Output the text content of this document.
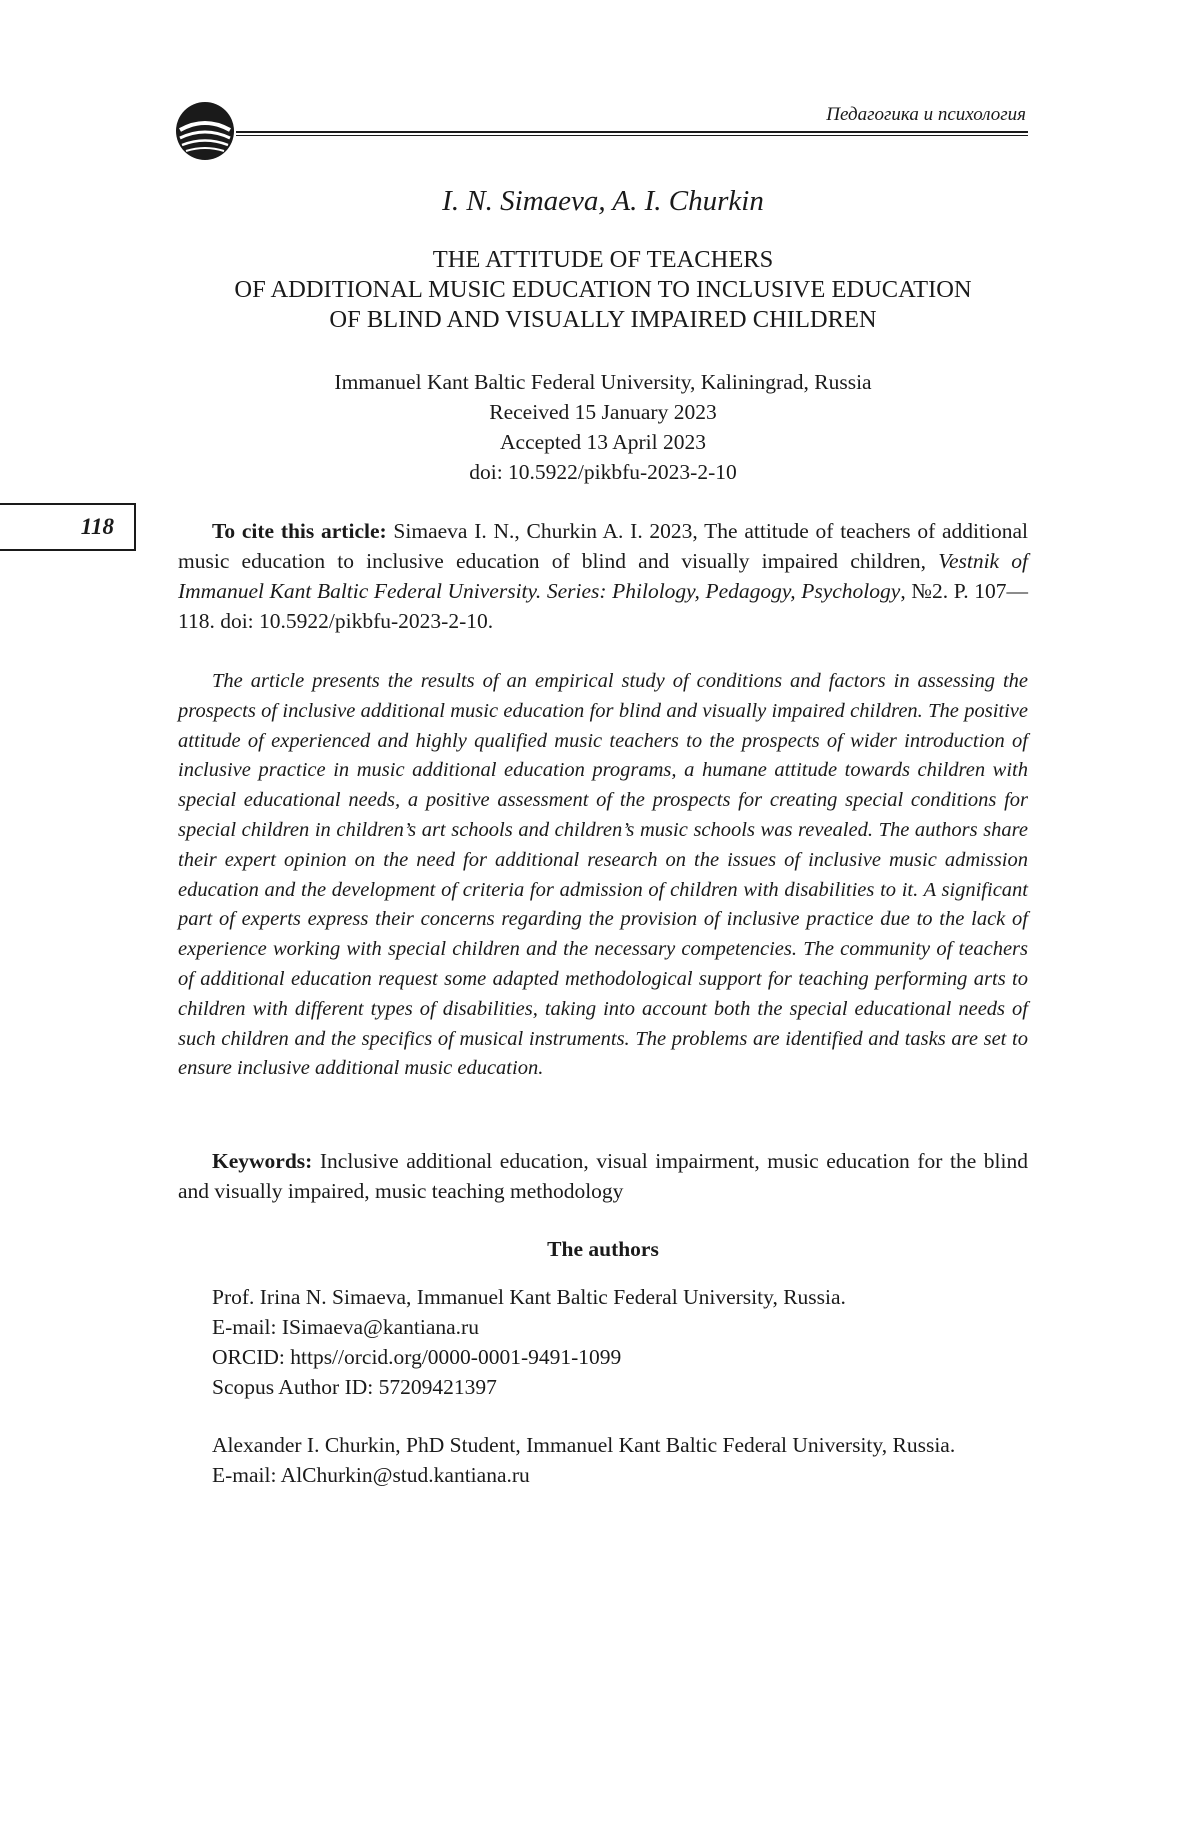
Педагогика и психология
118
I. N. Simaeva, A. I. Churkin
THE ATTITUDE OF TEACHERS
OF ADDITIONAL MUSIC EDUCATION TO INCLUSIVE EDUCATION
OF BLIND AND VISUALLY IMPAIRED CHILDREN
Immanuel Kant Baltic Federal University, Kaliningrad, Russia
Received 15 January 2023
Accepted 13 April 2023
doi: 10.5922/pikbfu-2023-2-10

To cite this article: Simaeva I. N., Churkin A. I. 2023, The attitude of teachers of additional music education to inclusive education of blind and visually impaired children, Vestnik of Immanuel Kant Baltic Federal University. Series: Philology, Pedagogy, Psychology, №2. P. 107—118. doi: 10.5922/pikbfu-2023-2-10.

The article presents the results of an empirical study of conditions and factors in assessing the prospects of inclusive additional music education for blind and visually impaired children. The positive attitude of experienced and highly qualified music teachers to the prospects of wider introduction of inclusive practice in music additional education programs, a humane attitude towards children with special educational needs, a positive assessment of the prospects for creating special conditions for special children in children’s art schools and children’s music schools was revealed. The authors share their expert opinion on the need for additional research on the issues of inclusive music admission education and the development of criteria for admission of children with disabilities to it. A significant part of experts express their concerns regarding the provision of inclusive practice due to the lack of experience working with special children and the necessary competencies. The community of teachers of additional education request some adapted methodological support for teaching performing arts to children with different types of disabilities, taking into account both the special educational needs of such children and the specifics of musical instruments. The problems are identified and tasks are set to ensure inclusive additional music education.

Keywords: Inclusive additional education, visual impairment, music education for the blind and visually impaired, music teaching methodology

The authors
Prof. Irina N. Simaeva, Immanuel Kant Baltic Federal University, Russia.
E-mail: ISimaeva@kantiana.ru
ORCID: https//orcid.org/0000-0001-9491-1099
Scopus Author ID: 57209421397

Alexander I. Churkin, PhD Student, Immanuel Kant Baltic Federal University, Russia.

E-mail: AlChurkin@stud.kantiana.ru
